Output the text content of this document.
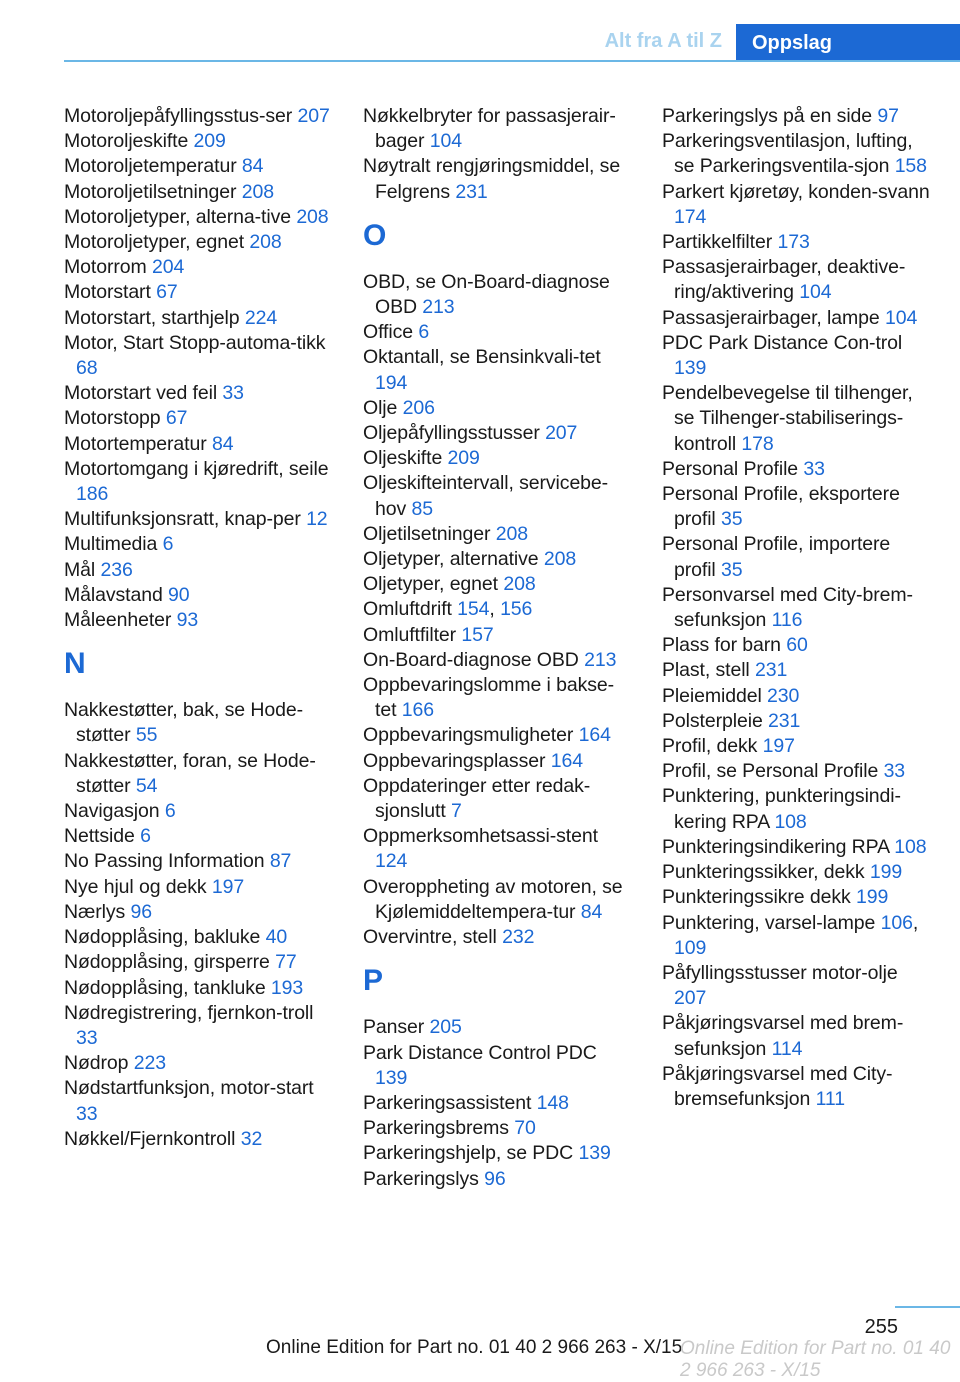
Alt fra A til Z	Oppslag
Motoroljepåfyllingsstus-ser 207
Motoroljeskifte 209
Motoroljetemperatur 84
Motoroljetilsetninger 208
Motoroljetyper, alterna-tive 208
Motoroljetyper, egnet 208
Motorrom 204
Motorstart 67
Motorstart, starthjelp 224
Motor, Start Stopp-automa-tikk 68
Motorstart ved feil 33
Motorstopp 67
Motortemperatur 84
Motortomgang i kjøredrift, seile 186
Multifunksjonsratt, knap-per 12
Multimedia 6
Mål 236
Målavstand 90
Måleenheter 93
N
Nakkestøtter, bak, se Hode-støtter 55
Nakkestøtter, foran, se Hode-støtter 54
Navigasjon 6
Nettside 6
No Passing Information 87
Nye hjul og dekk 197
Nærlys 96
Nødopplåsing, bakluke 40
Nødopplåsing, girsperre 77
Nødopplåsing, tankluke 193
Nødregistrering, fjernkon-troll 33
Nødrop 223
Nødstartfunksjon, motor-start 33
Nøkkel/Fjernkontroll 32
Nøkkelbryter for passasjerair-bager 104
Nøytralt rengjøringsmiddel, se Felgrens 231
O
OBD, se On-Board-diagnose OBD 213
Office 6
Oktantall, se Bensinkvali-tet 194
Olje 206
Oljepåfyllingsstusser 207
Oljeskifte 209
Oljeskifteintervall, servicebe-hov 85
Oljetilsetninger 208
Oljetyper, alternative 208
Oljetyper, egnet 208
Omluftdrift 154, 156
Omluftfilter 157
On-Board-diagnose OBD 213
Oppbevaringslomme i bakse-tet 166
Oppbevaringsmuligheter 164
Oppbevaringsplasser 164
Oppdateringer etter redak-sjonslutt 7
Oppmerksomhetsassi-stent 124
Overoppheting av motoren, se Kjølemiddeltempera-tur 84
Overvintre, stell 232
P
Panser 205
Park Distance Control PDC 139
Parkeringsassistent 148
Parkeringsbrems 70
Parkeringshjelp, se PDC 139
Parkeringslys 96
Parkeringslys på en side 97
Parkeringsventilasjon, lufting, se Parkeringsventila-sjon 158
Parkert kjøretøy, konden-svann 174
Partikkelfilter 173
Passasjerairbager, deaktive-ring/aktivering 104
Passasjerairbager, lampe 104
PDC Park Distance Con-trol 139
Pendelbevegelse til tilhenger, se Tilhenger-stabiliserings-kontroll 178
Personal Profile 33
Personal Profile, eksportere profil 35
Personal Profile, importere profil 35
Personvarsel med City-brem-sefunksjon 116
Plass for barn 60
Plast, stell 231
Pleiemiddel 230
Polsterpleie 231
Profil, dekk 197
Profil, se Personal Profile 33
Punktering, punkteringsindi-kering RPA 108
Punkteringsindikering RPA 108
Punkteringssikker, dekk 199
Punkteringssikre dekk 199
Punktering, varsel-lampe 106, 109
Påfyllingsstusser motor-olje 207
Påkjøringsvarsel med brem-sefunksjon 114
Påkjøringsvarsel med City-bremsefunksjon 111
255
Online Edition for Part no. 01 40 2 966 263 - X/15
Online Edition for Part no. 01 40 2 966 263 - X/15
